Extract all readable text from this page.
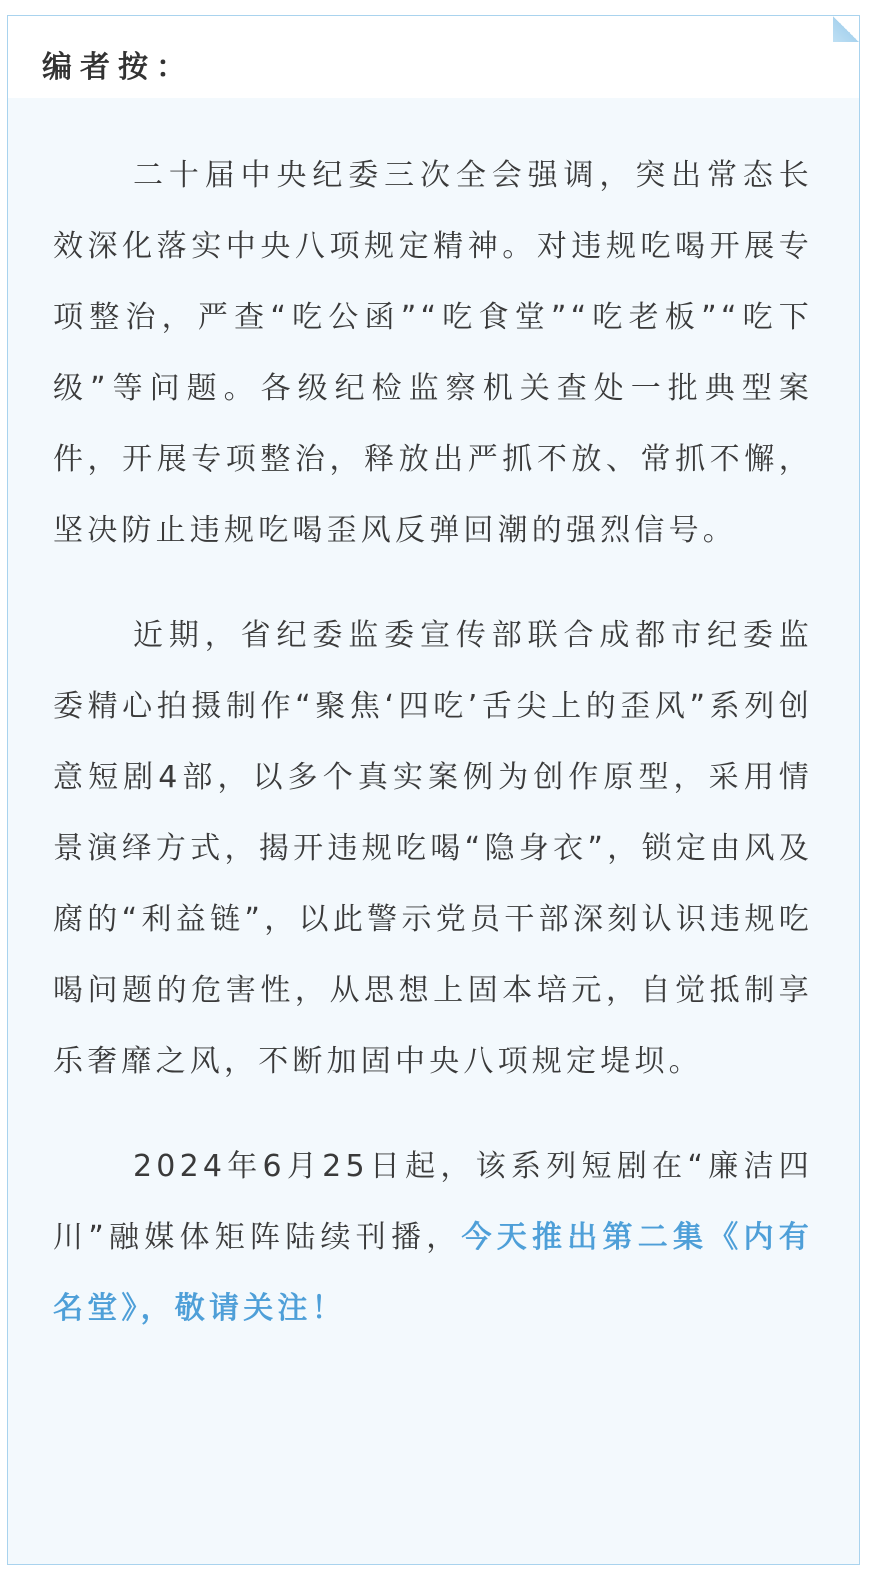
编者按：

二十届中央纪委三次全会强调，突出常态长效深化落实中央八项规定精神。对违规吃喝开展专项整治，严查“吃公函”“吃食堂”“吃老板”“吃下级”等问题。各级纪检监察机关查处一批典型案件，开展专项整治，释放出严抓不放、常抓不懈，坚决防止违规吃喝歪风反弹回潮的强烈信号。

近期，省纪委监委宣传部联合成都市纪委监委精心拍摄制作“聚焦‘四吃’舌尖上的歪风”系列创意短剧4部，以多个真实案例为创作原型，采用情景演绎方式，揭开违规吃喝“隐身衣”，锁定由风及腐的“利益链”，以此警示党员干部深刻认识违规吃喝问题的危害性，从思想上固本培元，自觉抵制享乐奢靡之风，不断加固中央八项规定堤坝。

2024年6月25日起，该系列短剧在“廉洁四川”融媒体矩阵陆续刊播，今天推出第二集《内有名堂》，敬请关注！
